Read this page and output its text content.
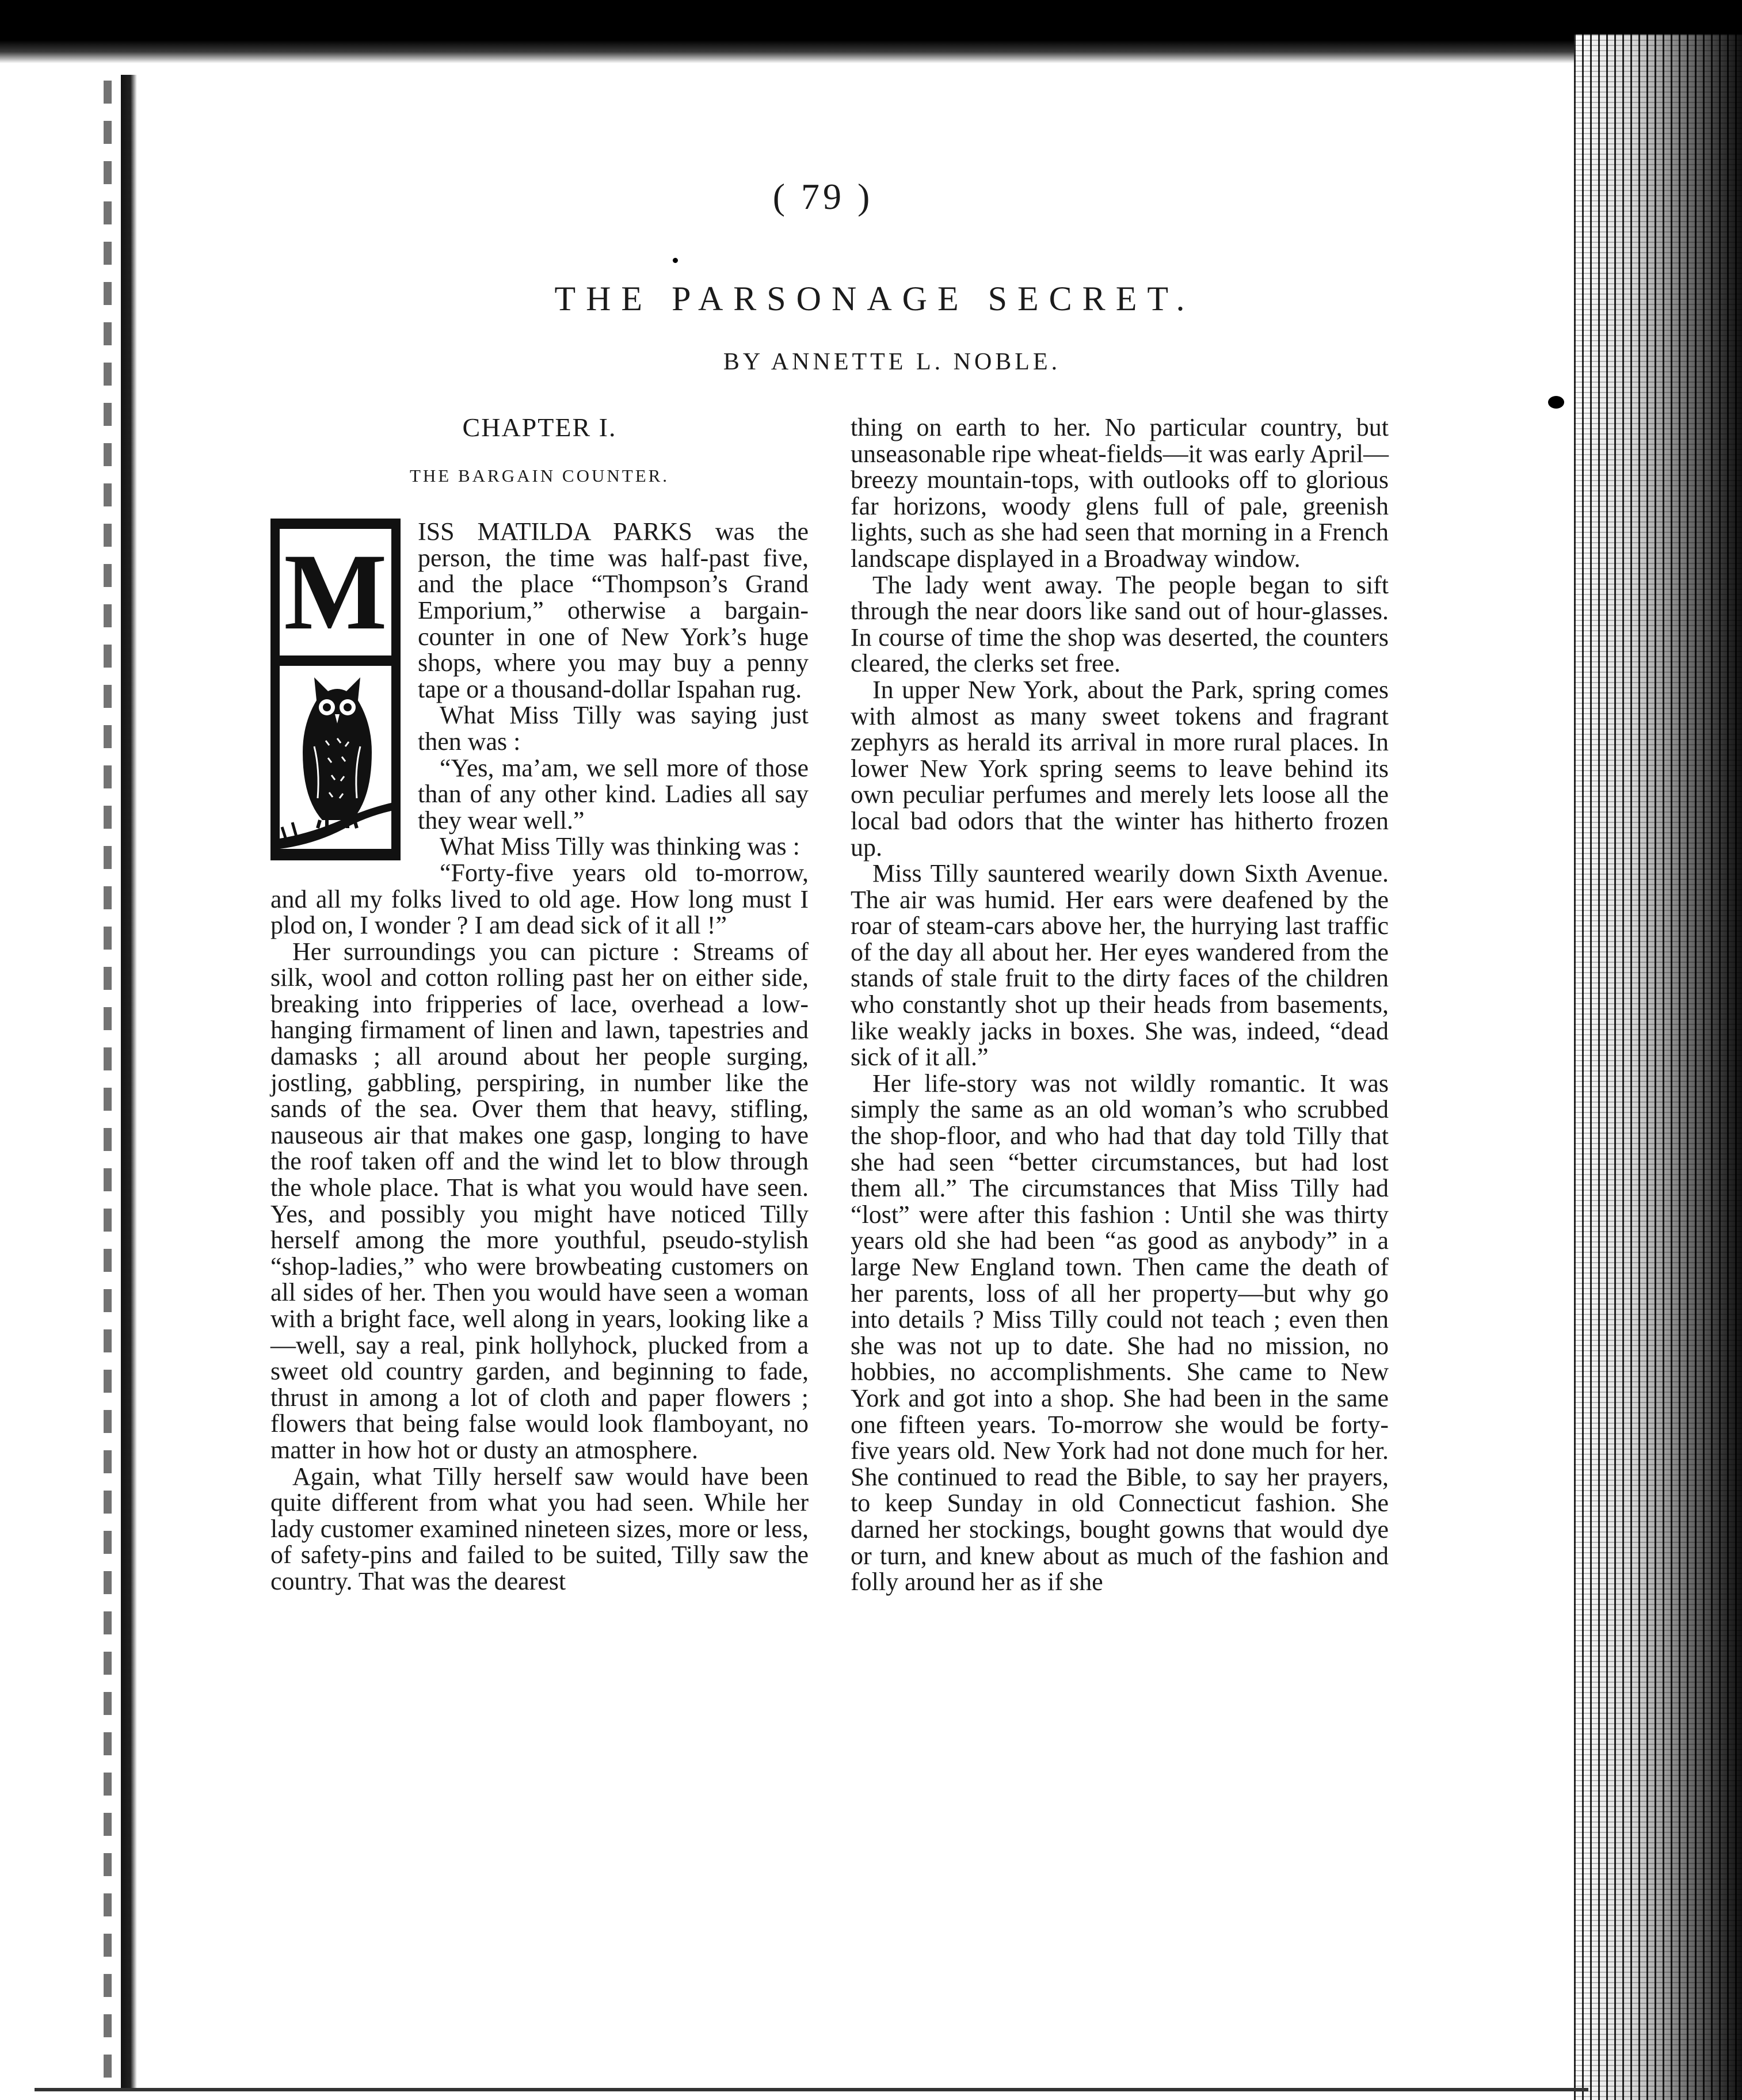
( 79 )
THE PARSONAGE SECRET.
BY ANNETTE L. NOBLE.
CHAPTER I.
THE BARGAIN COUNTER.
M

ISS MATILDA PARKS was the person, the time was half-past five, and the place “Thompson’s Grand Emporium,” otherwise a bargain-counter in one of New York’s huge shops, where you may buy a penny tape or a thousand-dollar Ispahan rug.

What Miss Tilly was saying just then was :

“Yes, ma’am, we sell more of those than of any other kind. Ladies all say they wear well.”

What Miss Tilly was thinking was :

“Forty-five years old to-morrow, and all my folks lived to old age. How long must I plod on, I wonder ? I am dead sick of it all !”

Her surroundings you can picture : Streams of silk, wool and cotton rolling past her on either side, breaking into fripperies of lace, overhead a low-hanging firmament of linen and lawn, tapestries and damasks ; all around about her people surging, jostling, gabbling, perspiring, in number like the sands of the sea. Over them that heavy, stifling, nauseous air that makes one gasp, longing to have the roof taken off and the wind let to blow through the whole place. That is what you would have seen. Yes, and possibly you might have noticed Tilly herself among the more youthful, pseudo-stylish “shop-ladies,” who were browbeating customers on all sides of her. Then you would have seen a woman with a bright face, well along in years, looking like a—well, say a real, pink hollyhock, plucked from a sweet old country garden, and beginning to fade, thrust in among a lot of cloth and paper flowers ; flowers that being false would look flamboyant, no matter in how hot or dusty an atmosphere.

Again, what Tilly herself saw would have been quite different from what you had seen. While her lady customer examined nineteen sizes, more or less, of safety-pins and failed to be suited, Tilly saw the country. That was the dearest

thing on earth to her. No particular country, but unseasonable ripe wheat-fields—it was early April—breezy mountain-tops, with outlooks off to glorious far horizons, woody glens full of pale, greenish lights, such as she had seen that morning in a French landscape displayed in a Broadway window.

The lady went away. The people began to sift through the near doors like sand out of hour-glasses. In course of time the shop was deserted, the counters cleared, the clerks set free.

In upper New York, about the Park, spring comes with almost as many sweet tokens and fragrant zephyrs as herald its arrival in more rural places. In lower New York spring seems to leave behind its own peculiar perfumes and merely lets loose all the local bad odors that the winter has hitherto frozen up.

Miss Tilly sauntered wearily down Sixth Avenue. The air was humid. Her ears were deafened by the roar of steam-cars above her, the hurrying last traffic of the day all about her. Her eyes wandered from the stands of stale fruit to the dirty faces of the children who constantly shot up their heads from basements, like weakly jacks in boxes. She was, indeed, “dead sick of it all.”

Her life-story was not wildly romantic. It was simply the same as an old woman’s who scrubbed the shop-floor, and who had that day told Tilly that she had seen “better circumstances, but had lost them all.” The circumstances that Miss Tilly had “lost” were after this fashion : Until she was thirty years old she had been “as good as anybody” in a large New England town. Then came the death of her parents, loss of all her property—but why go into details ? Miss Tilly could not teach ; even then she was not up to date. She had no mission, no hobbies, no accomplishments. She came to New York and got into a shop. She had been in the same one fifteen years. To-morrow she would be forty-five years old. New York had not done much for her. She continued to read the Bible, to say her prayers, to keep Sunday in old Connecticut fashion. She darned her stockings, bought gowns that would dye or turn, and knew about as much of the fashion and folly around her as if she
